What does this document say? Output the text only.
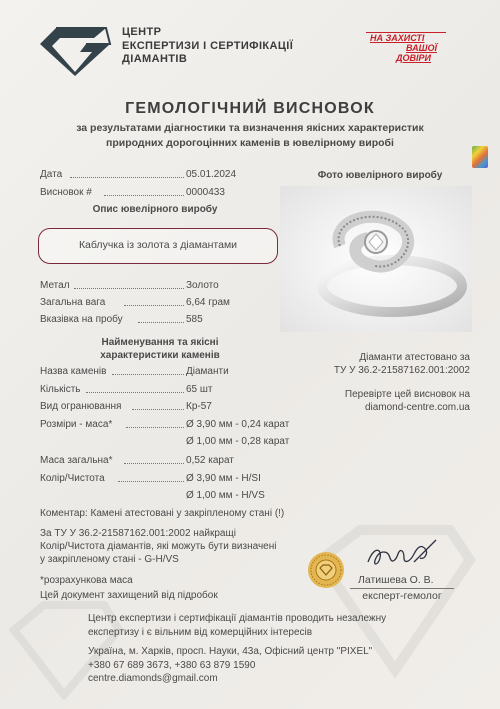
ЦЕНТР
ЕКСПЕРТИЗИ І СЕРТИФІКАЦІЇ
ДІАМАНТІВ
НА ЗАХИСТІ
ВАШОЇ
ДОВІРИ
ГЕМОЛОГІЧНИЙ ВИСНОВОК
за результатами діагностики та визначення якісних характеристик
природних дорогоцінних каменів в ювелірному виробі
Дата	05.01.2024
Висновок #	0000433
Опис ювелірного виробу
Каблучка із золота з діамантами
Метал	Золото
Загальна вага	6,64 грам
Вказівка на пробу	585
Фото ювелірного виробу
Найменування та якісні
характеристики каменів
Назва каменів	Діаманти
Кількість	65 шт
Вид огранювання	Кр-57
Розміри - маса*	Ø 3,90 мм - 0,24 карат
Ø 1,00 мм - 0,28 карат
Маса загальна*	0,52 карат
Колір/Чистота	Ø 3,90 мм - H/SI
Ø 1,00 мм - H/VS
Діаманти атестовано за
ТУ У 36.2-21587162.001:2002
Перевірте цей висновок на
diamond-centre.com.ua
Коментар: Камені атестовані у закріпленому стані (!)
За ТУ У 36.2-21587162.001:2002 найкращі
Колір/Чистота діамантів, які можуть бути визначені
у закріпленому стані - G-H/VS
*розрахункова маса
Цей документ захищений від підробок
Латишева О. В.
експерт-гемолог
Центр експертизи і сертифікації діамантів проводить незалежну
експертизу і є вільним від комерційних інтересів
Україна, м. Харків, просп. Науки, 43а, Офісний центр "PIXEL"
+380 67 689 3673, +380 63 879 1590
centre.diamonds@gmail.com
